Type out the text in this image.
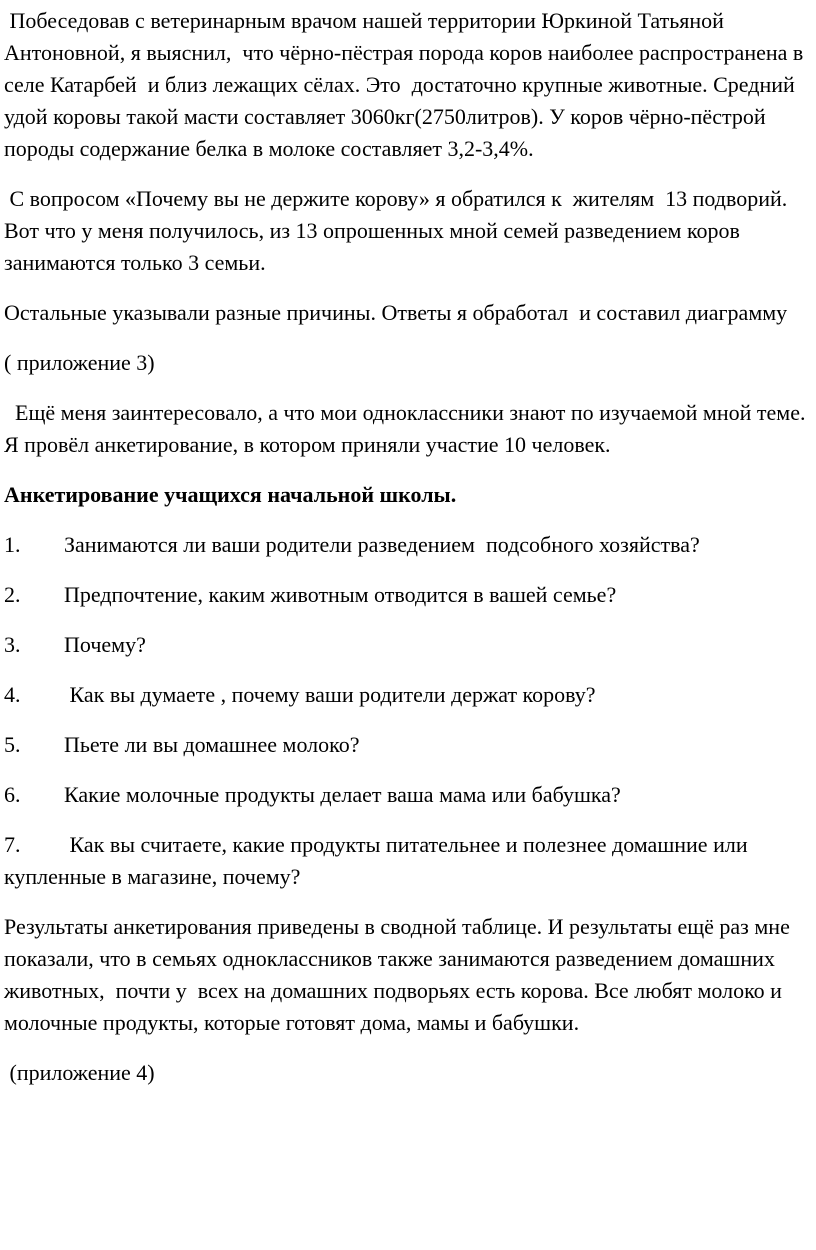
Побеседовав с ветеринарным врачом нашей территории Юркиной Татьяной Антоновной, я выяснил,  что чёрно-пёстрая порода коров наиболее распространена в селе Катарбей  и близ лежащих сёлах. Это  достаточно крупные животные. Средний удой коровы такой масти составляет 3060кг(2750литров). У коров чёрно-пёстрой породы содержание белка в молоке составляет 3,2-3,4%.

С вопросом «Почему вы не держите корову» я обратился к  жителям  13 подворий. Вот что у меня получилось, из 13 опрошенных мной семей разведением коров занимаются только 3 семьи.

Остальные указывали разные причины. Ответы я обработал  и составил диаграмму

( приложение 3)

Ещё меня заинтересовало, а что мои одноклассники знают по изучаемой мной теме. Я провёл анкетирование, в котором приняли участие 10 человек.

Анкетирование учащихся начальной школы.

1. Занимаются ли ваши родители разведением  подсобного хозяйства?
2. Предпочтение, каким животным отводится в вашей семье?
3. Почему?
4. Как вы думаете , почему ваши родители держат корову?
5. Пьете ли вы домашнее молоко?
6. Какие молочные продукты делает ваша мама или бабушка?
7. Как вы считаете, какие продукты питательнее и полезнее домашние или купленные в магазине, почему?

Результаты анкетирования приведены в сводной таблице. И результаты ещё раз мне показали, что в семьях одноклассников также занимаются разведением домашних животных,  почти у  всех на домашних подворьях есть корова. Все любят молоко и молочные продукты, которые готовят дома, мамы и бабушки.

(приложение 4)
